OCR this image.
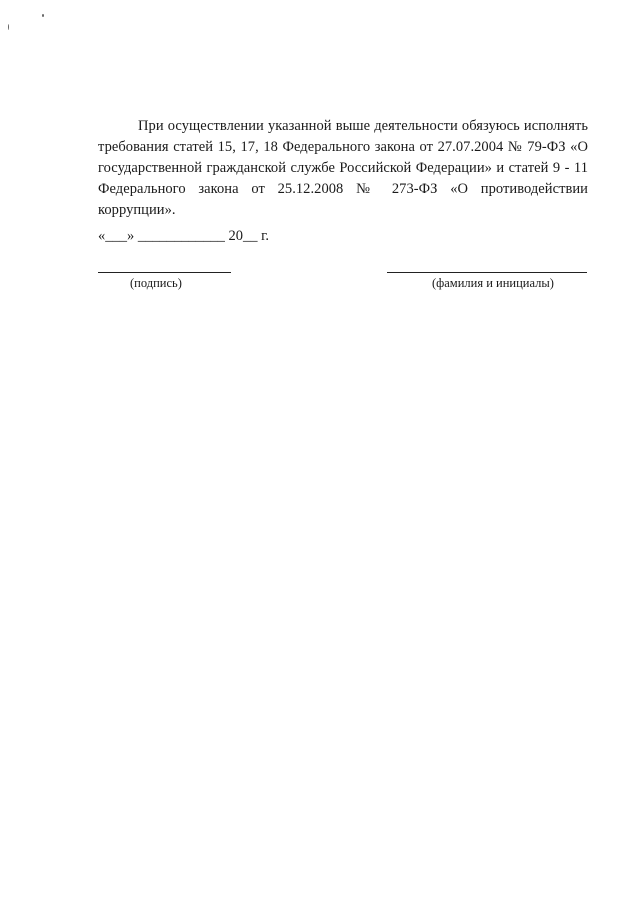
При осуществлении указанной выше деятельности обязуюсь исполнять требования статей 15, 17, 18 Федерального закона от 27.07.2004 № 79-ФЗ «О государственной гражданской службе Российской Федерации» и статей 9 - 11 Федерального закона от 25.12.2008 № 273-ФЗ «О противодействии коррупции».

«___» ____________ 20__ г.
(подпись)	(фамилия и инициалы)
